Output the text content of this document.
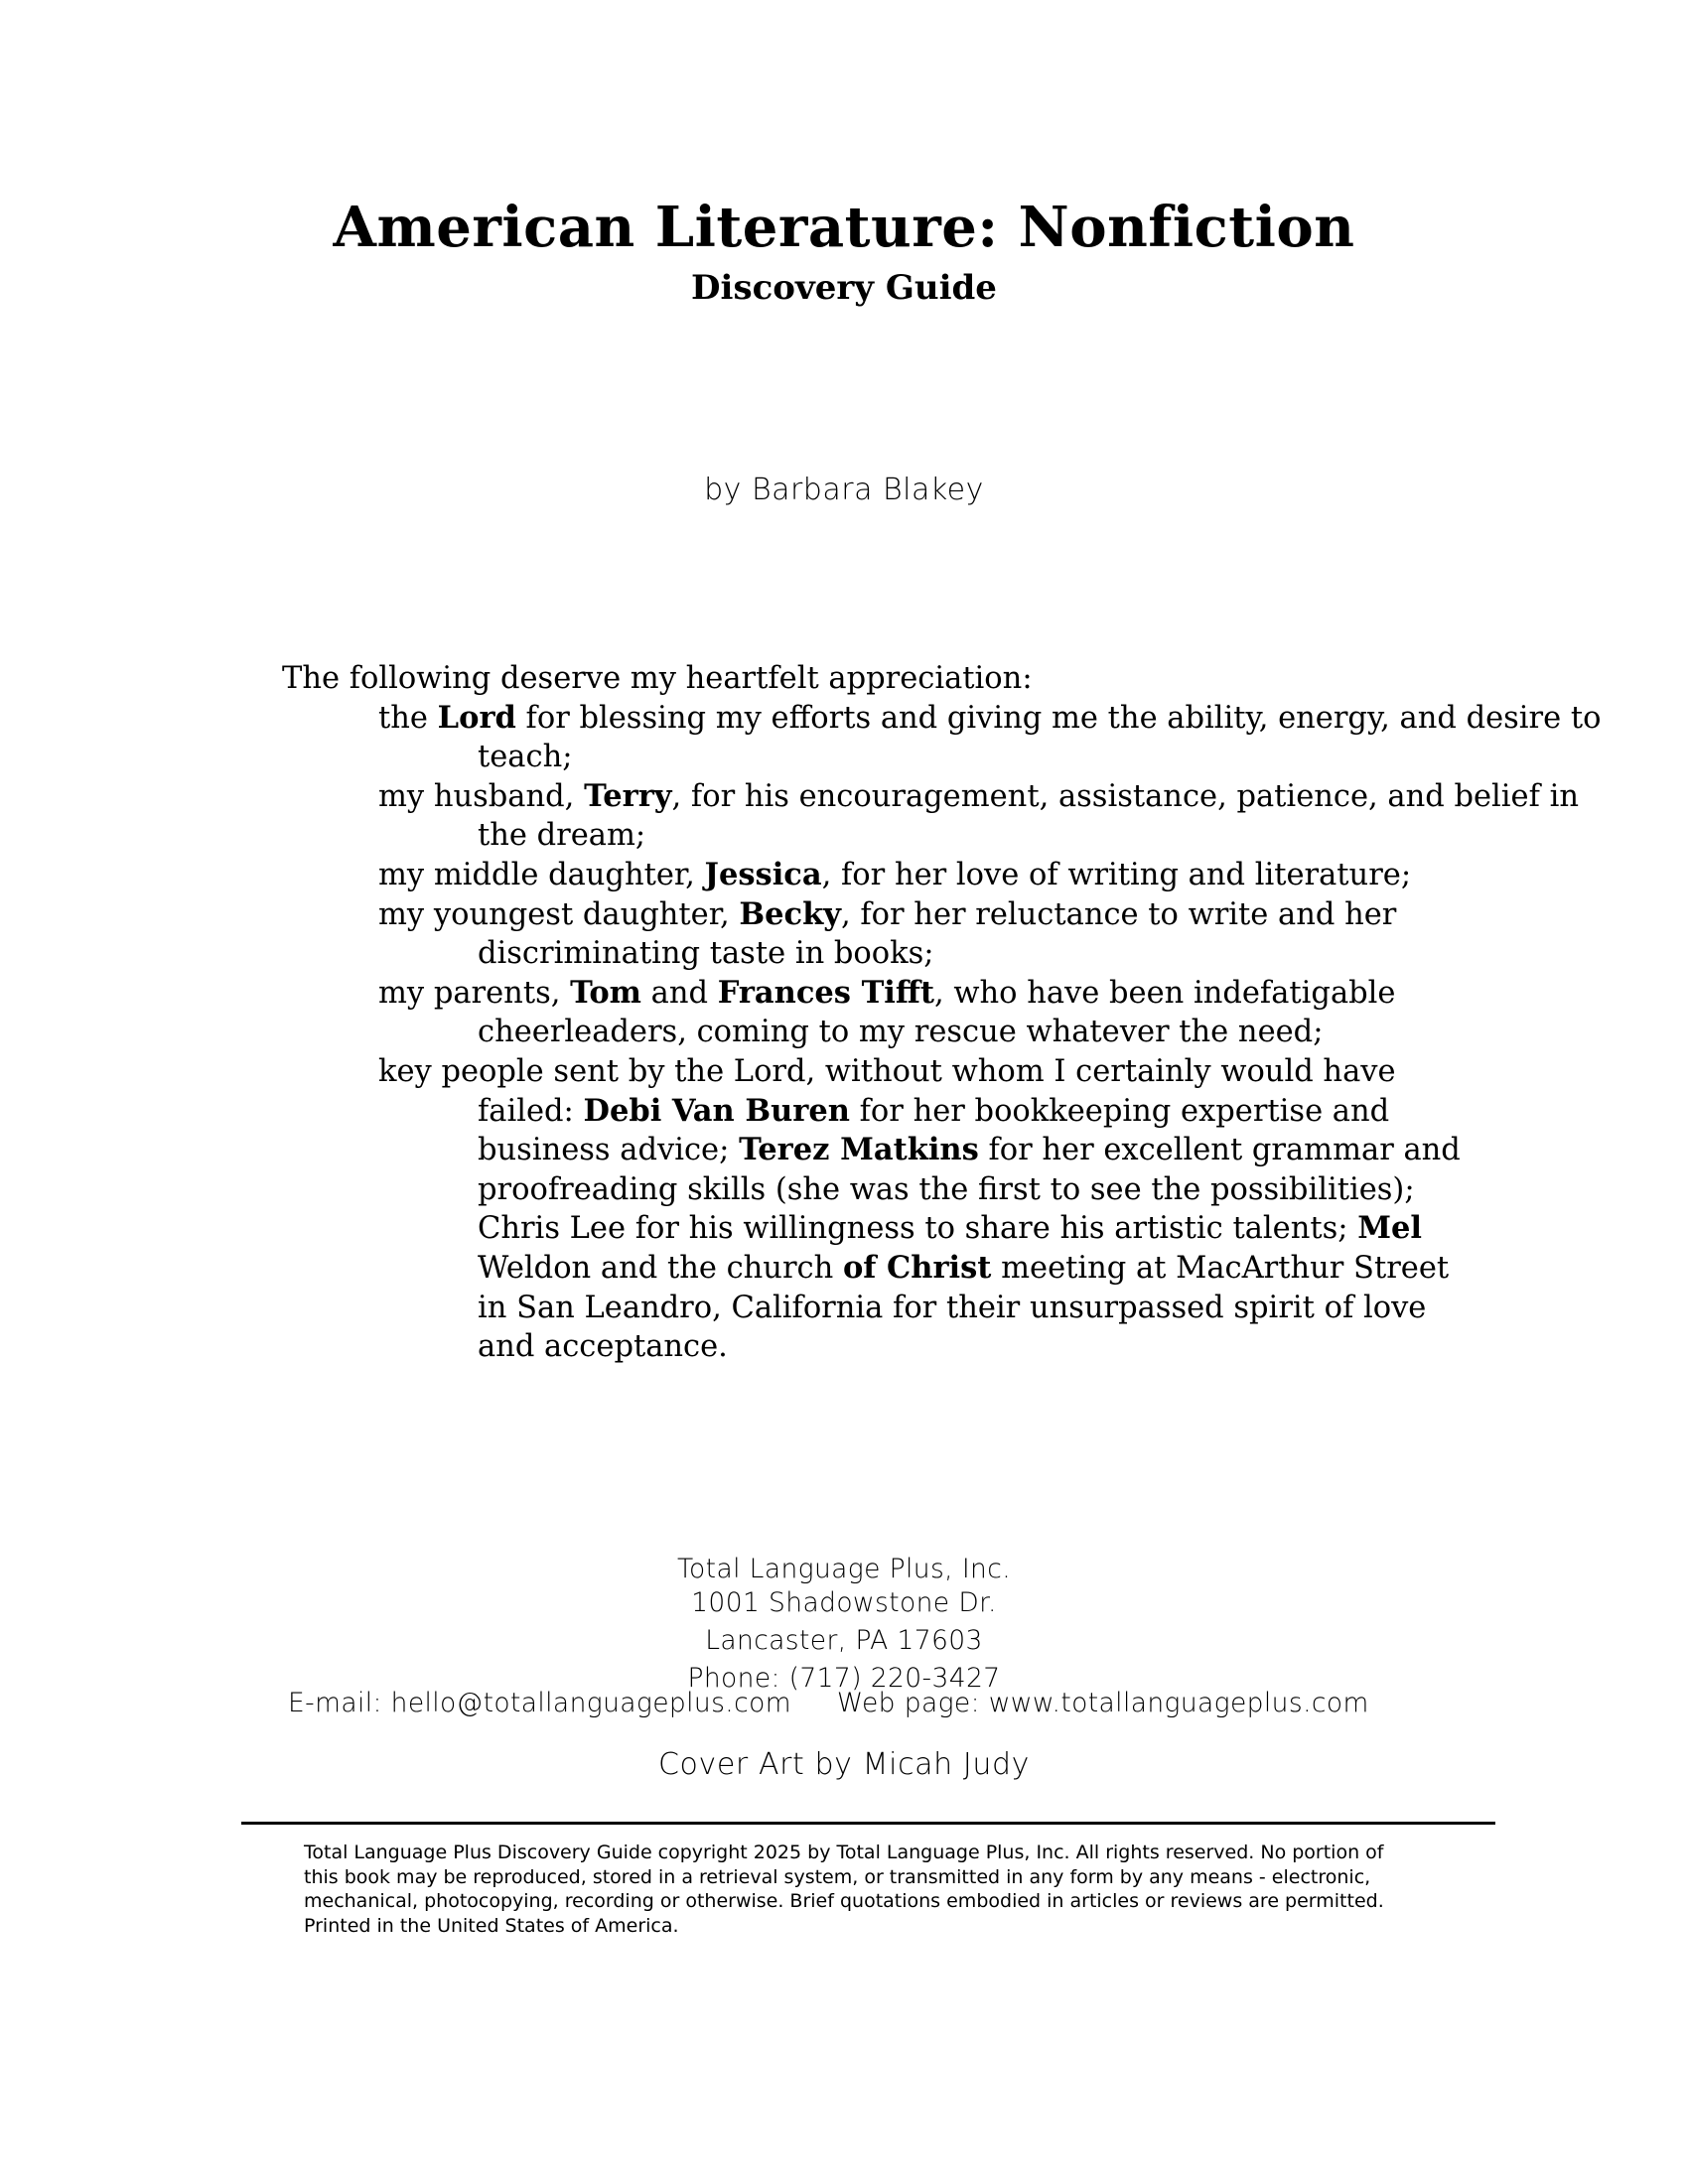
American Literature: Nonfiction
Discovery Guide
by Barbara Blakey

The following deserve my heartfelt appreciation:

the Lord for blessing my efforts and giving me the ability, energy, and desire to teach;

my husband, Terry, for his encouragement, assistance, patience, and belief in the dream;

my middle daughter, Jessica, for her love of writing and literature;

my youngest daughter, Becky, for her reluctance to write and her discriminating taste in books;

my parents, Tom and Frances Tifft, who have been indefatigable cheerleaders, coming to my rescue whatever the need;

key people sent by the Lord, without whom I certainly would have failed: Debi Van Buren for her bookkeeping expertise and business advice; Terez Matkins for her excellent grammar and proofreading skills (she was the first to see the possibilities); Chris Lee for his willingness to share his artistic talents; Mel Weldon and the church of Christ meeting at MacArthur Street in San Leandro, California for their unsurpassed spirit of love and acceptance.

Total Language Plus, Inc.
1001 Shadowstone Dr.
Lancaster, PA 17603
Phone: (717) 220-3427
E-mail: hello@totallanguageplus.com Web page: www.totallanguageplus.com
Cover Art by Micah Judy
Total Language Plus Discovery Guide copyright 2025 by Total Language Plus, Inc. All rights reserved. No portion of
this book may be reproduced, stored in a retrieval system, or transmitted in any form by any means - electronic,
mechanical, photocopying, recording or otherwise. Brief quotations embodied in articles or reviews are permitted.
Printed in the United States of America.
